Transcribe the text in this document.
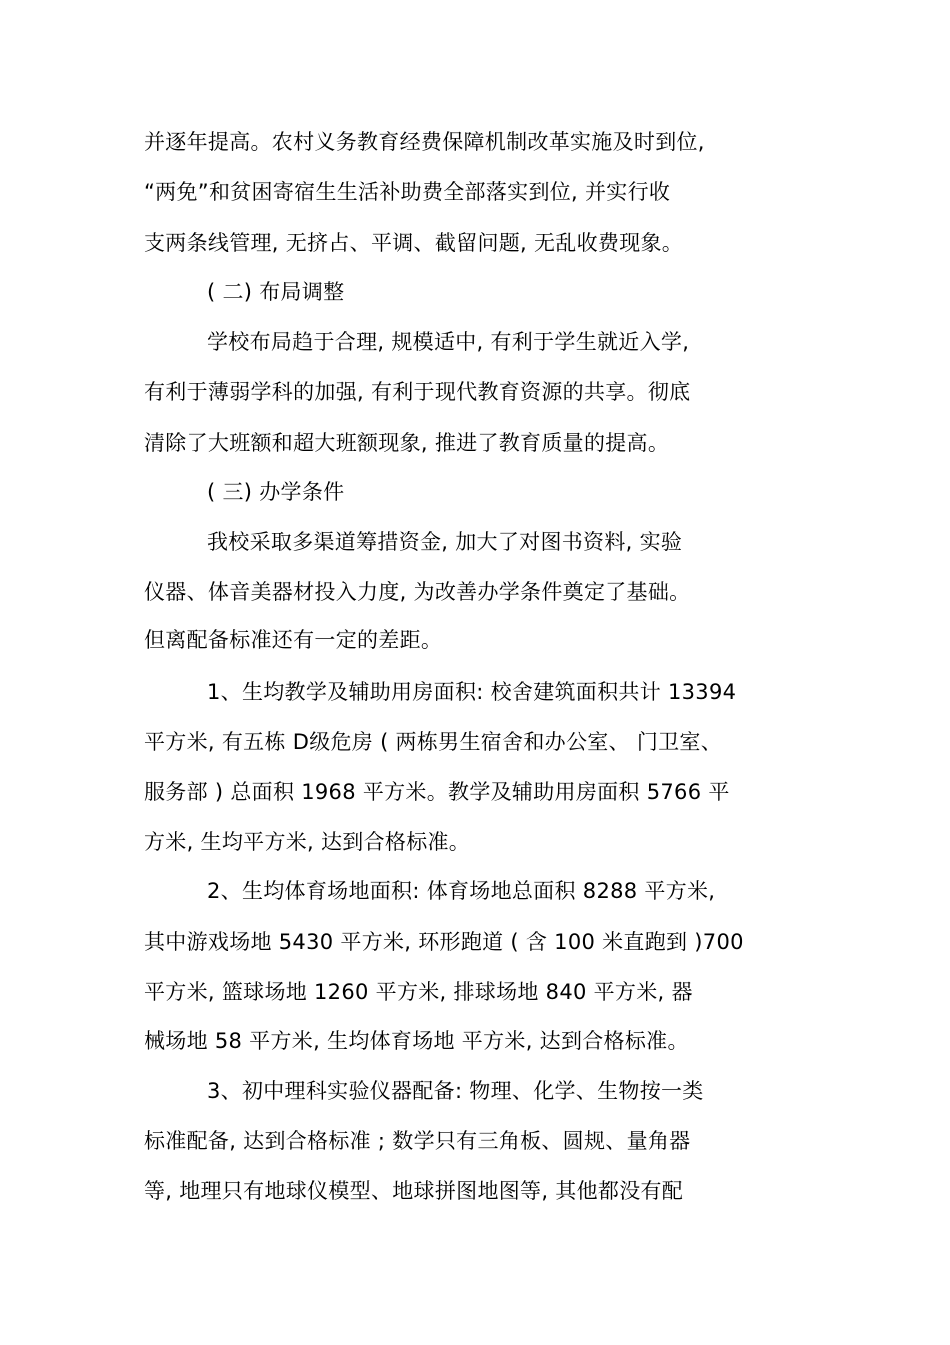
并逐年提高。农村义务教育经费保障机制改革实施及时到位,
“两免”和贫困寄宿生生活补助费全部落实到位, 并实行收
支两条线管理, 无挤占、平调、截留问题, 无乱收费现象。
( 二) 布局调整
学校布局趋于合理, 规模适中, 有利于学生就近入学,
有利于薄弱学科的加强, 有利于现代教育资源的共享。彻底
清除了大班额和超大班额现象, 推进了教育质量的提高。
( 三) 办学条件
我校采取多渠道筹措资金, 加大了对图书资料, 实验
仪器、体音美器材投入力度, 为改善办学条件奠定了基础。
但离配备标准还有一定的差距。
1、生均教学及辅助用房面积: 校舍建筑面积共计 13394
平方米, 有五栋 D级危房 ( 两栋男生宿舍和办公室、 门卫室、
服务部 ) 总面积 1968 平方米。教学及辅助用房面积 5766 平
方米, 生均平方米, 达到合格标准。
2、生均体育场地面积: 体育场地总面积 8288 平方米,
其中游戏场地 5430 平方米, 环形跑道 ( 含 100 米直跑到 )700
平方米, 篮球场地 1260 平方米, 排球场地 840 平方米, 器
械场地 58 平方米, 生均体育场地 平方米, 达到合格标准。
3、初中理科实验仪器配备: 物理、化学、生物按一类
标准配备, 达到合格标准 ; 数学只有三角板、圆规、量角器
等, 地理只有地球仪模型、地球拼图地图等, 其他都没有配
